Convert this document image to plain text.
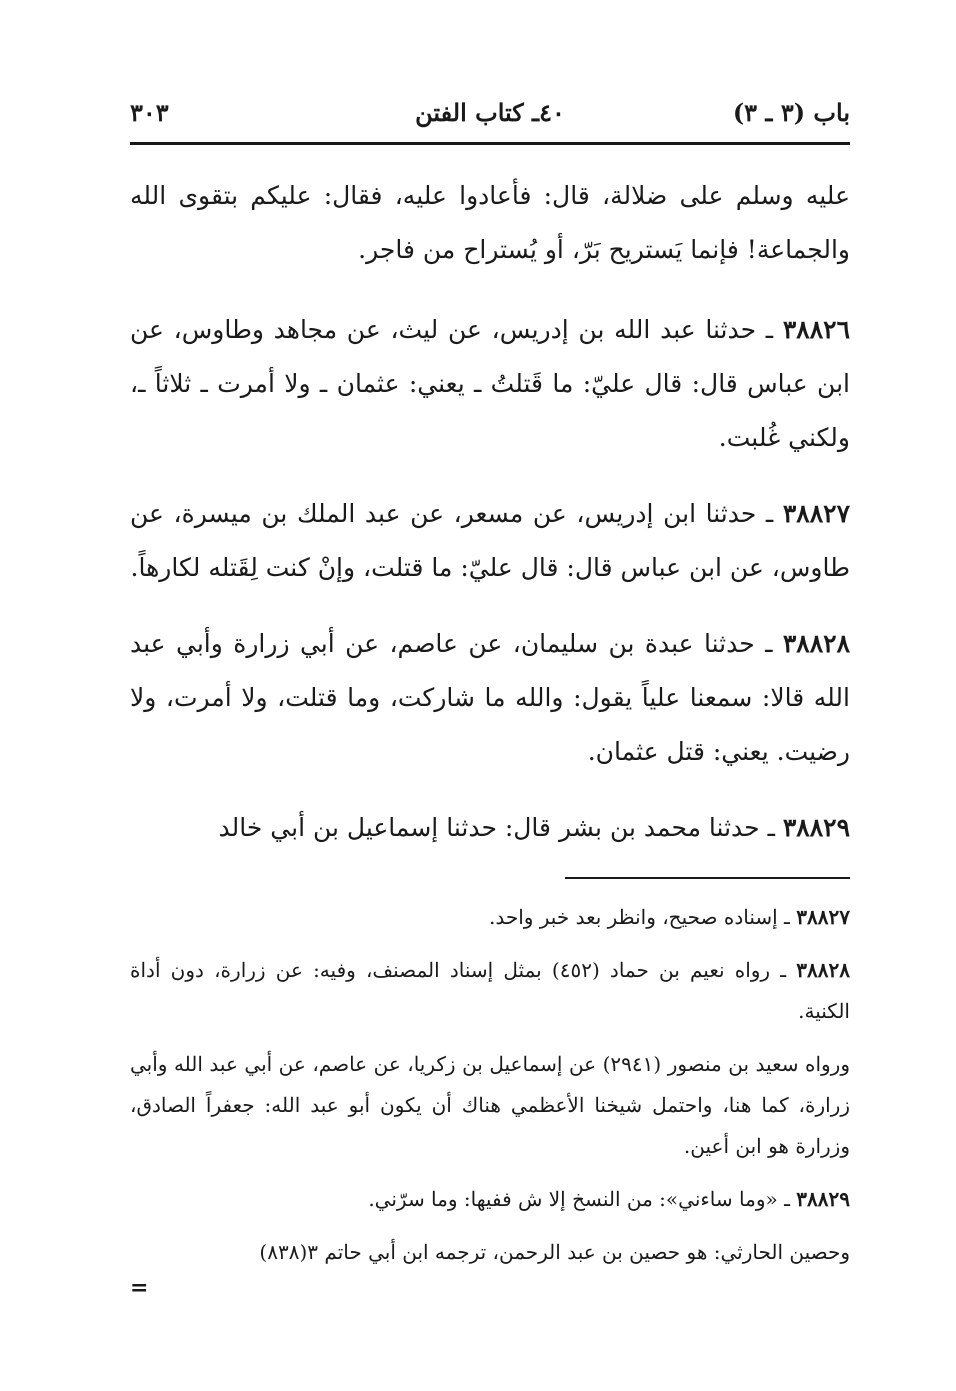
باب (٣ ـ ٣)
٤٠ـ كتاب الفتن
٣٠٣

عليه وسلم على ضلالة، قال: فأعادوا عليه، فقال: عليكم بتقوى الله والجماعة! فإنما يَستريح بَرّ، أو يُستراح من فاجر.

٣٨٨٢٦ ـ حدثنا عبد الله بن إدريس، عن ليث، عن مجاهد وطاوس، عن ابن عباس قال: قال عليّ: ما قَتلتُ ـ يعني: عثمان ـ ولا أمرت ـ ثلاثاً ـ، ولكني غُلبت.

٣٨٨٢٧ ـ حدثنا ابن إدريس، عن مسعر، عن عبد الملك بن ميسرة، عن طاوس، عن ابن عباس قال: قال عليّ: ما قتلت، وإنْ كنت لِقَتله لكارهاً.

٣٨٨٢٨ ـ حدثنا عبدة بن سليمان، عن عاصم، عن أبي زرارة وأبي عبد الله قالا: سمعنا علياً يقول: والله ما شاركت، وما قتلت، ولا أمرت، ولا رضيت. يعني: قتل عثمان.

٣٨٨٢٩ ـ حدثنا محمد بن بشر قال: حدثنا إسماعيل بن أبي خالد

٣٨٨٢٧ ـ إسناده صحيح، وانظر بعد خبر واحد.

٣٨٨٢٨ ـ رواه نعيم بن حماد (٤٥٢) بمثل إسناد المصنف، وفيه: عن زرارة، دون أداة الكنية.

ورواه سعيد بن منصور (٢٩٤١) عن إسماعيل بن زكريا، عن عاصم، عن أبي عبد الله وأبي زرارة، كما هنا، واحتمل شيخنا الأعظمي هناك أن يكون أبو عبد الله: جعفراً الصادق، وزرارة هو ابن أعين.

٣٨٨٢٩ ـ «وما ساءني»: من النسخ إلا ش ففيها: وما سرّني.

وحصين الحارثي: هو حصين بن عبد الرحمن، ترجمه ابن أبي حاتم ٣(٨٣٨)

=
